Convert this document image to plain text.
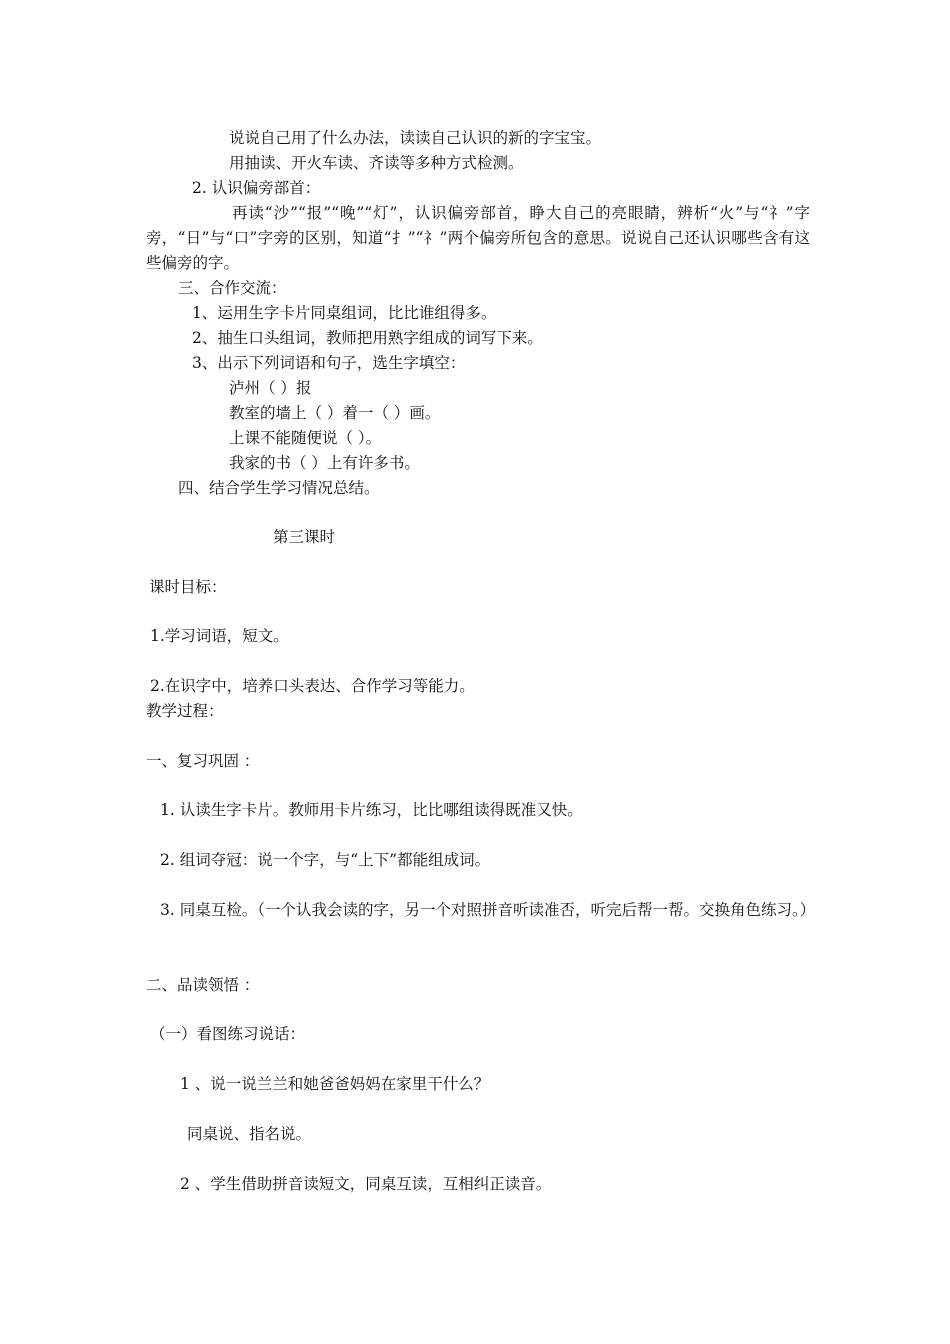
说说自己用了什么办法，读读自己认识的新的字宝宝。
用抽读、开火车读、齐读等多种方式检测。
2. 认识偏旁部首：
再读“沙”“报”“晚”“灯”，认识偏旁部首，睁大自己的亮眼睛，辨析“火”与“礻”字旁，“日”与“口”字旁的区别，知道“扌”“礻”两个偏旁所包含的意思。说说自己还认识哪些含有这些偏旁的字。
三、合作交流：
1、运用生字卡片同桌组词，比比谁组得多。
2、抽生口头组词，教师把用熟字组成的词写下来。
3、出示下列词语和句子，选生字填空：
泸州（ ）报
教室的墙上（ ）着一（ ）画。
上课不能随便说（ ）。
我家的书（ ）上有许多书。
四、结合学生学习情况总结。
第三课时
课时目标：
1.学习词语，短文。
2.在识字中，培养口头表达、合作学习等能力。
教学过程：
一、复习巩固 ：
1. 认读生字卡片。教师用卡片练习，比比哪组读得既准又快。
2. 组词夺冠：说一个字，与“上下”都能组成词。
3. 同桌互检。（一个认我会读的字，另一个对照拼音听读准否，听完后帮一帮。交换角色练习。）
二、品读领悟 ：
（一）看图练习说话：
1 、说一说兰兰和她爸爸妈妈在家里干什么？
同桌说、指名说。
2 、学生借助拼音读短文，同桌互读，互相纠正读音。
